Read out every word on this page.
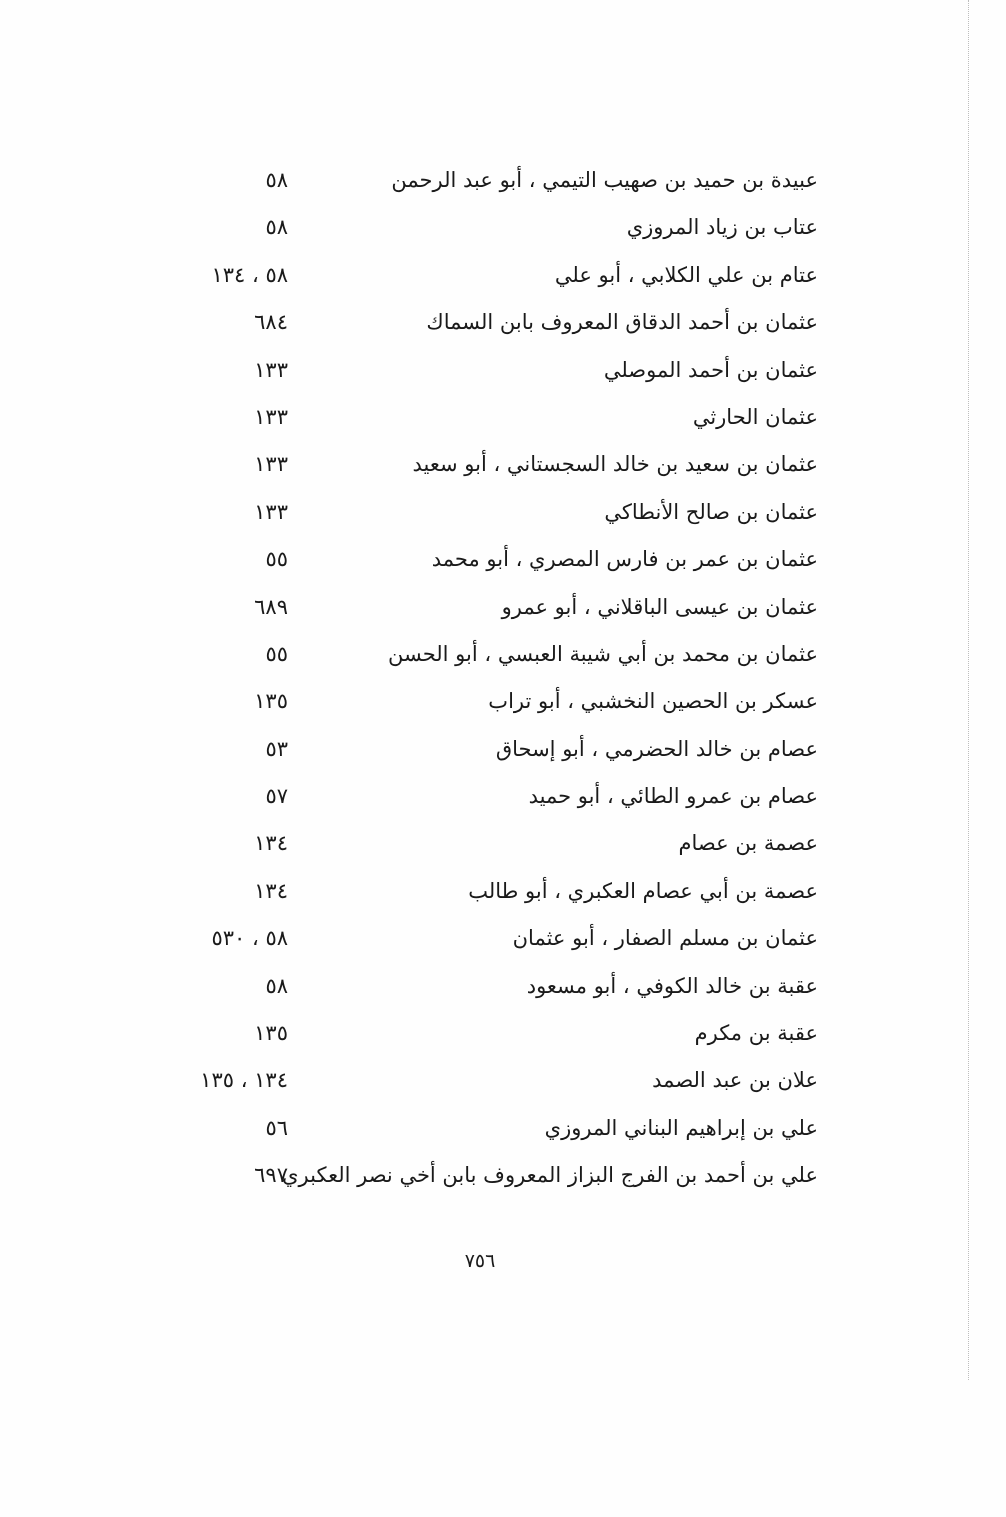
عبيدة بن حميد بن صهيب التيمي ، أبو عبد الرحمن
٥٨
عتاب بن زياد المروزي
٥٨
عتام بن علي الكلابي ، أبو علي
٥٨ ، ١٣٤
عثمان بن أحمد الدقاق المعروف بابن السماك
٦٨٤
عثمان بن أحمد الموصلي
١٣٣
عثمان الحارثي
١٣٣
عثمان بن سعيد بن خالد السجستاني ، أبو سعيد
١٣٣
عثمان بن صالح الأنطاكي
١٣٣
عثمان بن عمر بن فارس المصري ، أبو محمد
٥٥
عثمان بن عيسى الباقلاني ، أبو عمرو
٦٨٩
عثمان بن محمد بن أبي شيبة العبسي ، أبو الحسن
٥٥
عسكر بن الحصين النخشبي ، أبو تراب
١٣٥
عصام بن خالد الحضرمي ، أبو إسحاق
٥٣
عصام بن عمرو الطائي ، أبو حميد
٥٧
عصمة بن عصام
١٣٤
عصمة بن أبي عصام العكبري ، أبو طالب
١٣٤
عثمان بن مسلم الصفار ، أبو عثمان
٥٨ ، ٥٣٠
عقبة بن خالد الكوفي ، أبو مسعود
٥٨
عقبة بن مكرم
١٣٥
علان بن عبد الصمد
١٣٤ ، ١٣٥
علي بن إبراهيم البناني المروزي
٥٦
علي بن أحمد بن الفرج البزاز المعروف بابن أخي نصر العكبري
٦٩٧
٧٥٦
